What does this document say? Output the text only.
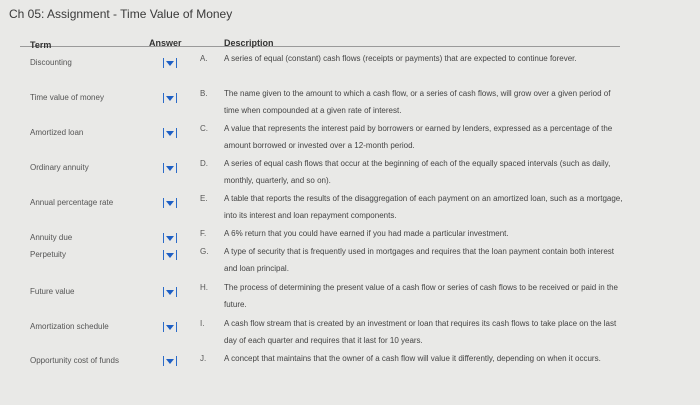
Ch 05: Assignment - Time Value of Money
Term	Answer	Description
Discounting
Time value of money
Amortized loan
Ordinary annuity
Annual percentage rate
Annuity due
Perpetuity
Future value
Amortization schedule
Opportunity cost of funds
A.
B.
C.
D.
E.
F.
G.
H.
I.
J.
A series of equal (constant) cash flows (receipts or payments) that are expected to continue forever.
The name given to the amount to which a cash flow, or a series of cash flows, will grow over a given period of time when compounded at a given rate of interest.
A value that represents the interest paid by borrowers or earned by lenders, expressed as a percentage of the amount borrowed or invested over a 12-month period.
A series of equal cash flows that occur at the beginning of each of the equally spaced intervals (such as daily, monthly, quarterly, and so on).
A table that reports the results of the disaggregation of each payment on an amortized loan, such as a mortgage, into its interest and loan repayment components.
A 6% return that you could have earned if you had made a particular investment.
A type of security that is frequently used in mortgages and requires that the loan payment contain both interest and loan principal.
The process of determining the present value of a cash flow or series of cash flows to be received or paid in the future.
A cash flow stream that is created by an investment or loan that requires its cash flows to take place on the last day of each quarter and requires that it last for 10 years.
A concept that maintains that the owner of a cash flow will value it differently, depending on when it occurs.
